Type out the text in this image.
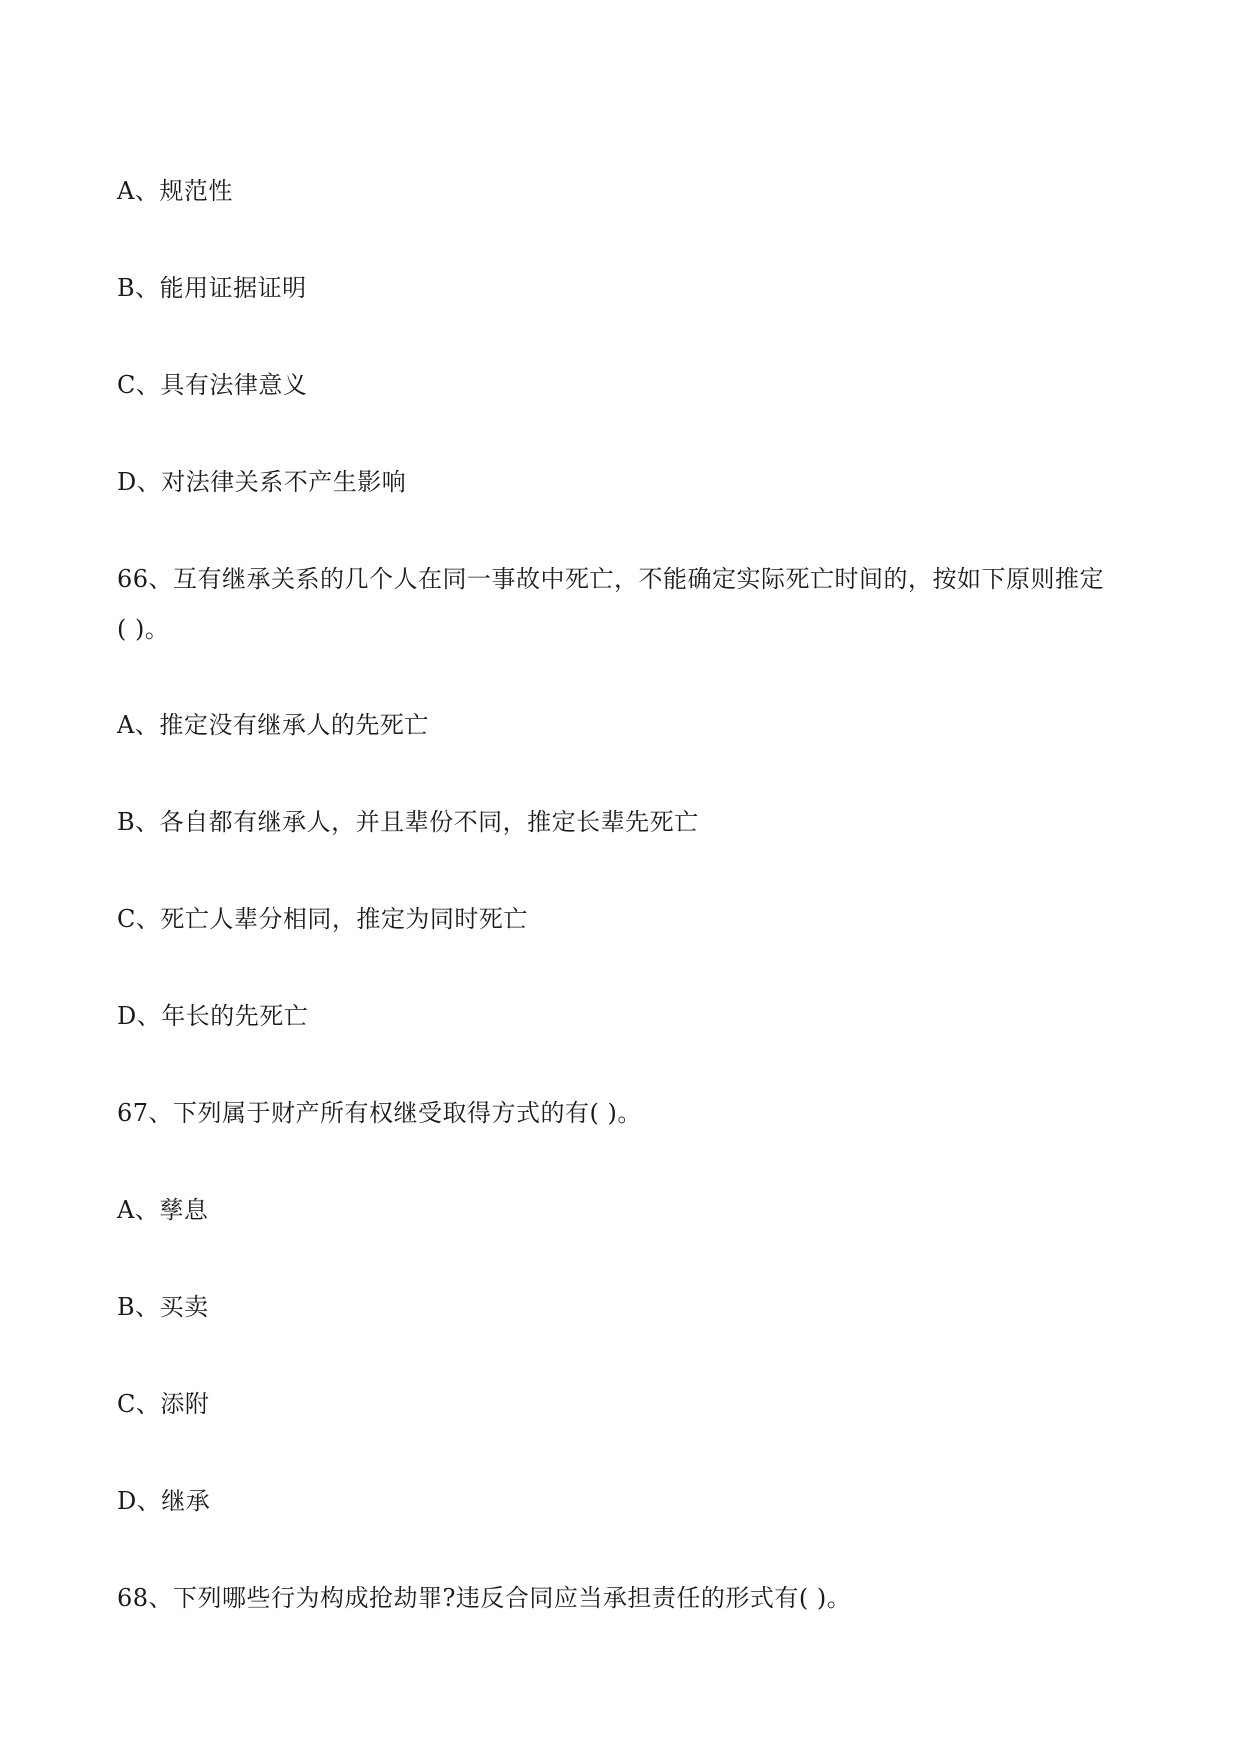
A、规范性

B、能用证据证明

C、具有法律意义

D、对法律关系不产生影响

66、互有继承关系的几个人在同一事故中死亡，不能确定实际死亡时间的，按如下原则推定

( )。

A、推定没有继承人的先死亡

B、各自都有继承人，并且辈份不同，推定长辈先死亡

C、死亡人辈分相同，推定为同时死亡

D、年长的先死亡

67、下列属于财产所有权继受取得方式的有( )。

A、孳息

B、买卖

C、添附

D、继承

68、下列哪些行为构成抢劫罪?违反合同应当承担责任的形式有( )。
